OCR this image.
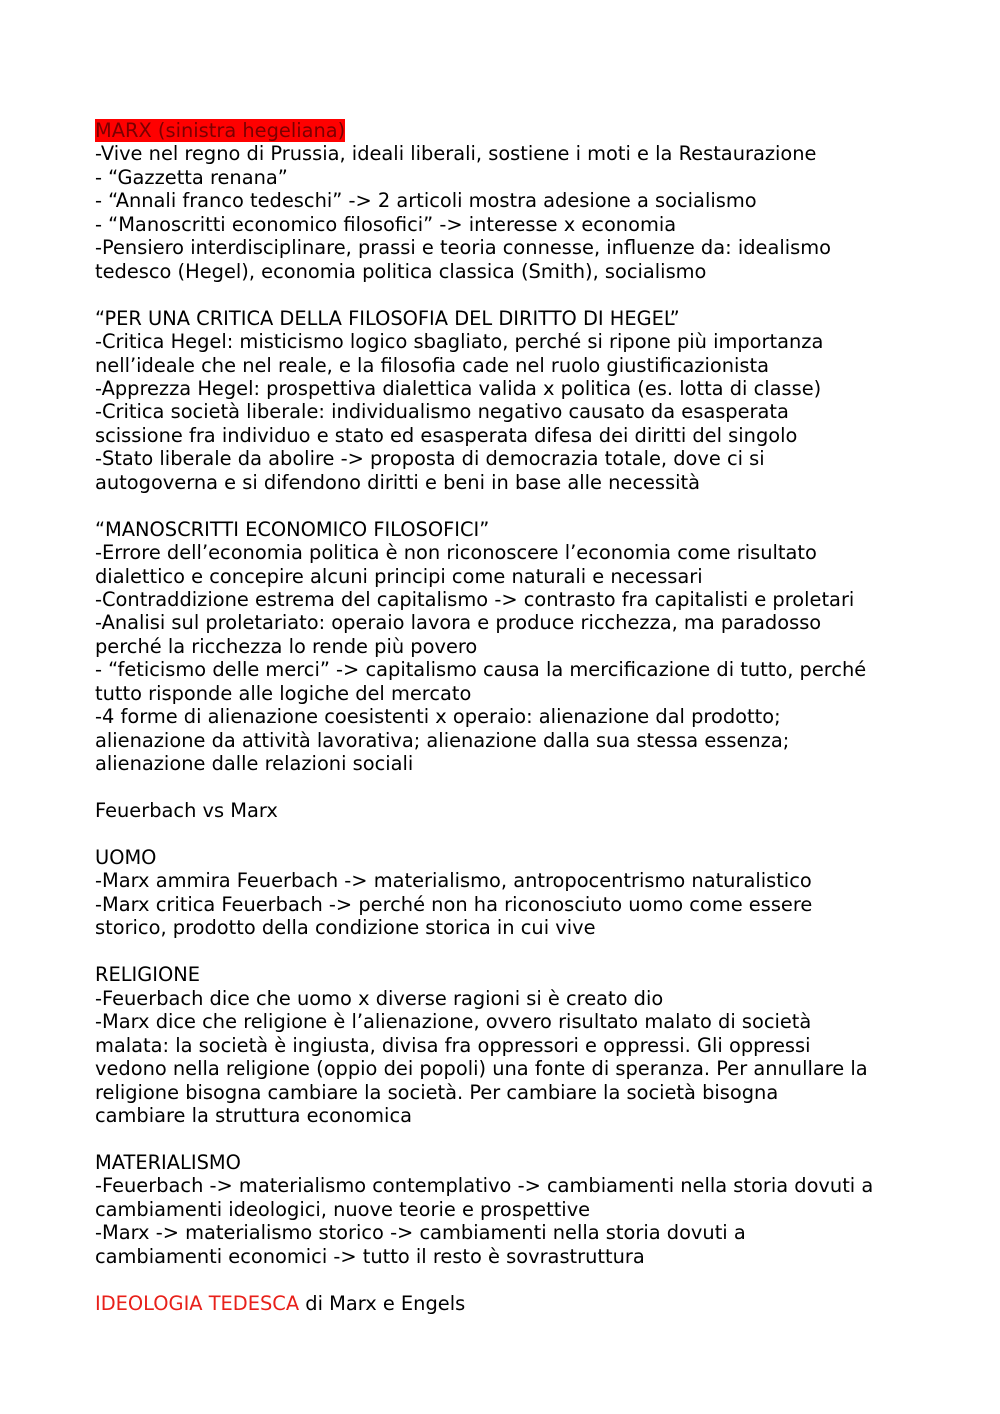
MARX (sinistra hegeliana)
-Vive nel regno di Prussia, ideali liberali, sostiene i moti e la Restaurazione
- “Gazzetta renana”
- “Annali franco tedeschi” -> 2 articoli mostra adesione a socialismo
- “Manoscritti economico filosofici” -> interesse x economia
-Pensiero interdisciplinare, prassi e teoria connesse, influenze da: idealismo
tedesco (Hegel), economia politica classica (Smith), socialismo
“PER UNA CRITICA DELLA FILOSOFIA DEL DIRITTO DI HEGEL”
-Critica Hegel: misticismo logico sbagliato, perché si ripone più importanza
nell’ideale che nel reale, e la filosofia cade nel ruolo giustificazionista
-Apprezza Hegel: prospettiva dialettica valida x politica (es. lotta di classe)
-Critica società liberale: individualismo negativo causato da esasperata
scissione fra individuo e stato ed esasperata difesa dei diritti del singolo
-Stato liberale da abolire -> proposta di democrazia totale, dove ci si
autogoverna e si difendono diritti e beni in base alle necessità
“MANOSCRITTI ECONOMICO FILOSOFICI”
-Errore dell’economia politica è non riconoscere l’economia come risultato
dialettico e concepire alcuni principi come naturali e necessari
-Contraddizione estrema del capitalismo -> contrasto fra capitalisti e proletari
-Analisi sul proletariato: operaio lavora e produce ricchezza, ma paradosso
perché la ricchezza lo rende più povero
- “feticismo delle merci” -> capitalismo causa la mercificazione di tutto, perché
tutto risponde alle logiche del mercato
-4 forme di alienazione coesistenti x operaio: alienazione dal prodotto;
alienazione da attività lavorativa; alienazione dalla sua stessa essenza;
alienazione dalle relazioni sociali
Feuerbach vs Marx
UOMO
-Marx ammira Feuerbach -> materialismo, antropocentrismo naturalistico
-Marx critica Feuerbach -> perché non ha riconosciuto uomo come essere
storico, prodotto della condizione storica in cui vive
RELIGIONE
-Feuerbach dice che uomo x diverse ragioni si è creato dio
-Marx dice che religione è l’alienazione, ovvero risultato malato di società
malata: la società è ingiusta, divisa fra oppressori e oppressi. Gli oppressi
vedono nella religione (oppio dei popoli) una fonte di speranza. Per annullare la
religione bisogna cambiare la società. Per cambiare la società bisogna
cambiare la struttura economica
MATERIALISMO
-Feuerbach -> materialismo contemplativo -> cambiamenti nella storia dovuti a
cambiamenti ideologici, nuove teorie e prospettive
-Marx -> materialismo storico -> cambiamenti nella storia dovuti a
cambiamenti economici -> tutto il resto è sovrastruttura
IDEOLOGIA TEDESCA di Marx e Engels
